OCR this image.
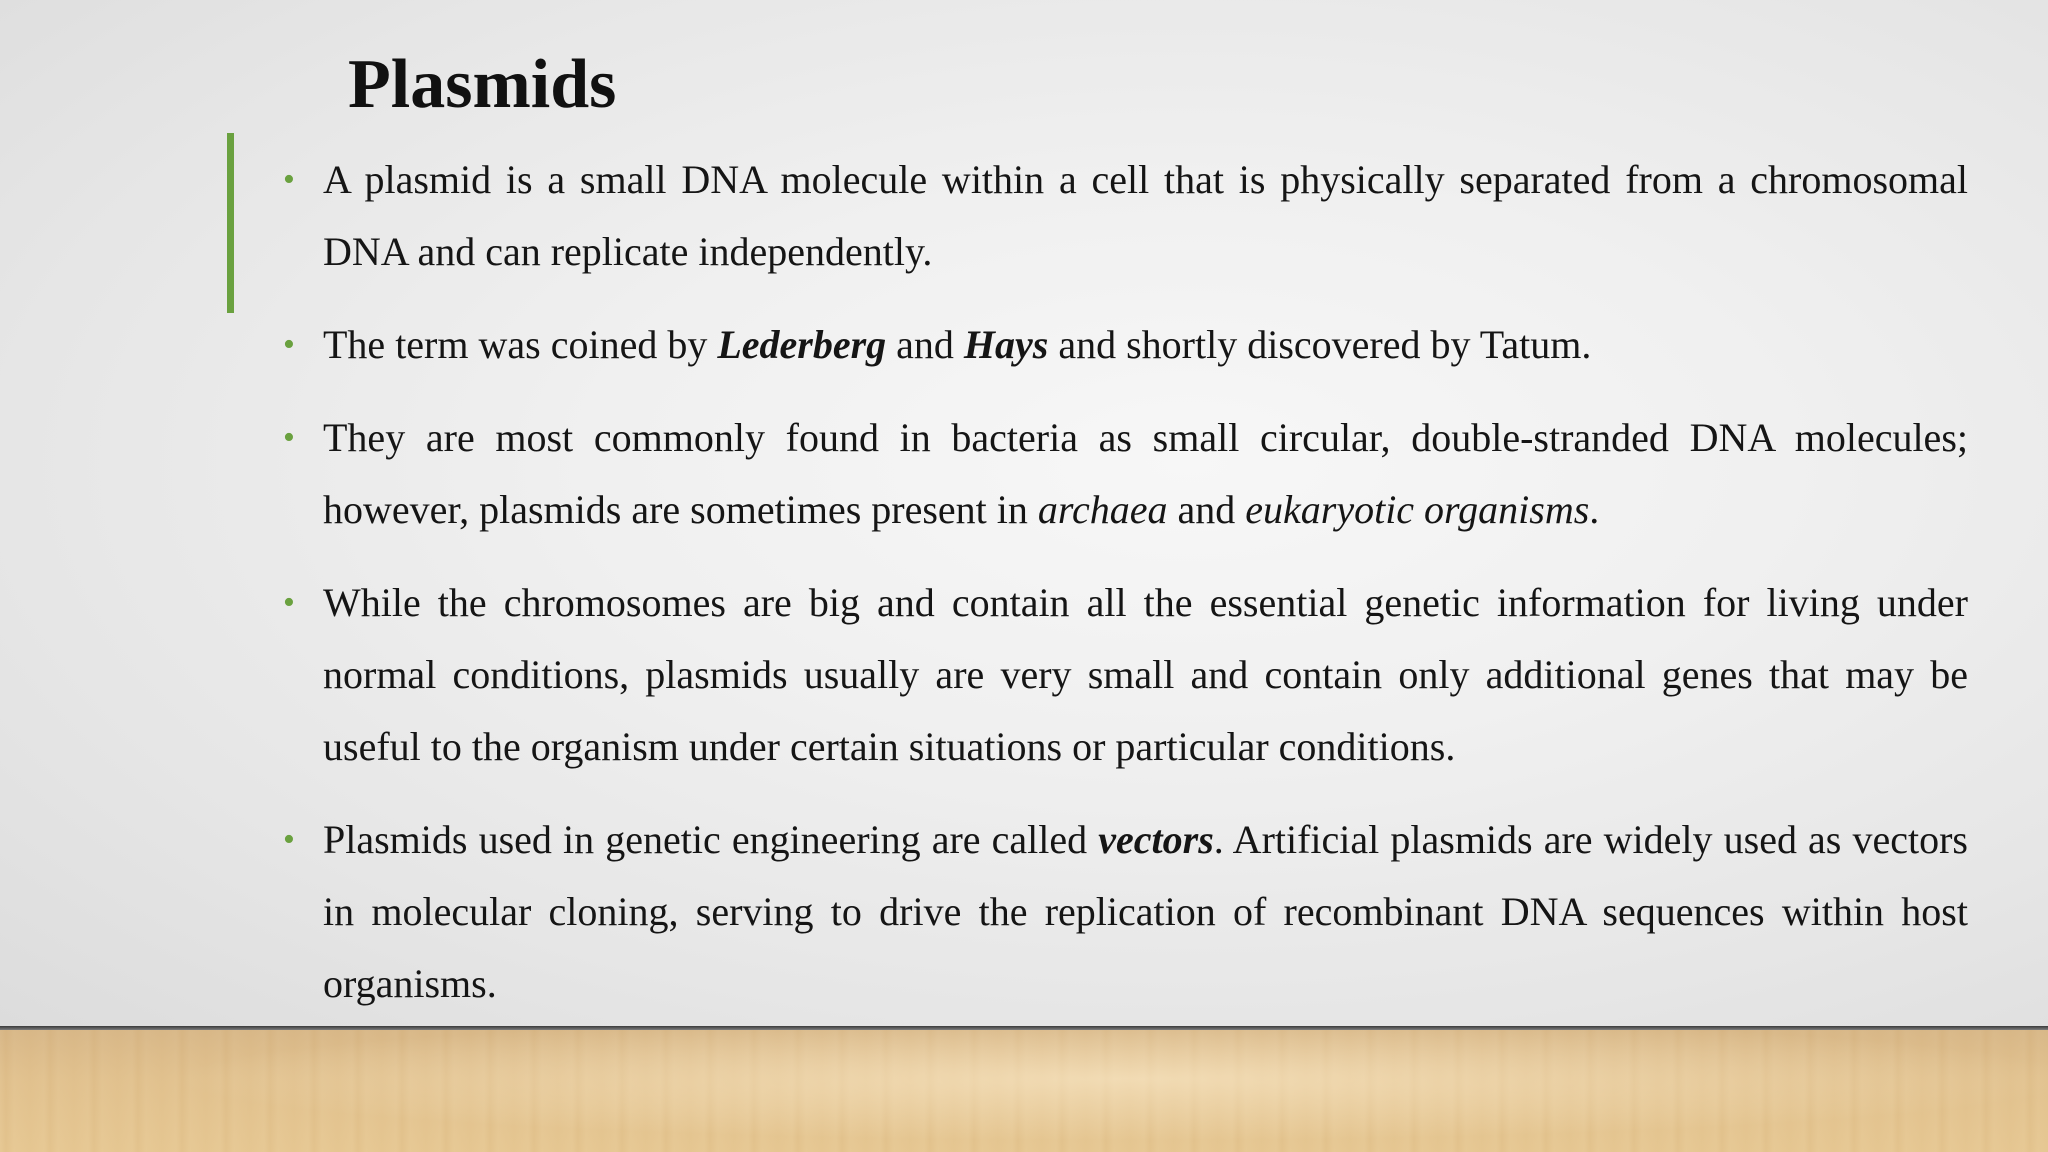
Plasmids
• A plasmid is a small DNA molecule within a cell that is physically separated from a chromosomal DNA and can replicate independently.
• The term was coined by Lederberg and Hays and shortly discovered by Tatum.
• They are most commonly found in bacteria as small circular, double-stranded DNA molecules; however, plasmids are sometimes present in archaea and eukaryotic organisms.
• While the chromosomes are big and contain all the essential genetic information for living under normal conditions, plasmids usually are very small and contain only additional genes that may be useful to the organism under certain situations or particular conditions.
• Plasmids used in genetic engineering are called vectors. Artificial plasmids are widely used as vectors in molecular cloning, serving to drive the replication of recombinant DNA sequences within host organisms.
